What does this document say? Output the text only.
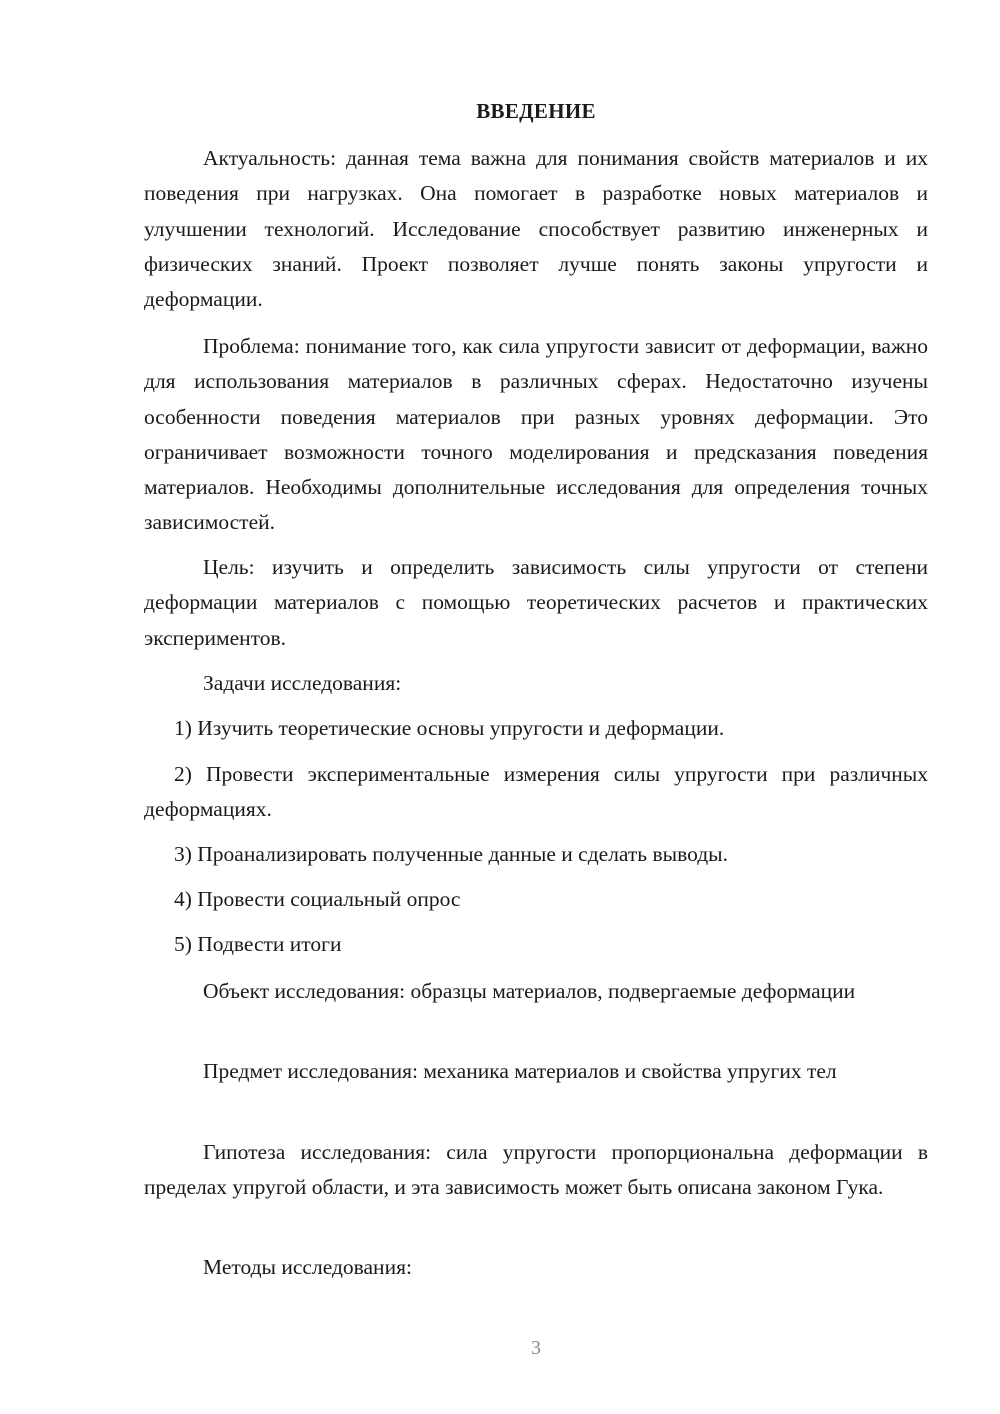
ВВЕДЕНИЕ

Актуальность: данная тема важна для понимания свойств материалов и их поведения при нагрузках. Она помогает в разработке новых материалов и улучшении технологий. Исследование способствует развитию инженерных и физических знаний. Проект позволяет лучше понять законы упругости и деформации.

Проблема: понимание того, как сила упругости зависит от деформации, важно для использования материалов в различных сферах. Недостаточно изучены особенности поведения материалов при разных уровнях деформации. Это ограничивает возможности точного моделирования и предсказания поведения материалов. Необходимы дополнительные исследования для определения точных зависимостей.

Цель: изучить и определить зависимость силы упругости от степени деформации материалов с помощью теоретических расчетов и практических экспериментов.

Задачи исследования:

1) Изучить теоретические основы упругости и деформации.

2) Провести экспериментальные измерения силы упругости при различных деформациях.

3) Проанализировать полученные данные и сделать выводы.

4) Провести социальный опрос

5) Подвести итоги

Объект исследования: образцы материалов, подвергаемые деформации

Предмет исследования: механика материалов и свойства упругих тел

Гипотеза исследования: сила упругости пропорциональна деформации в пределах упругой области, и эта зависимость может быть описана законом Гука.

Методы исследования:

3
